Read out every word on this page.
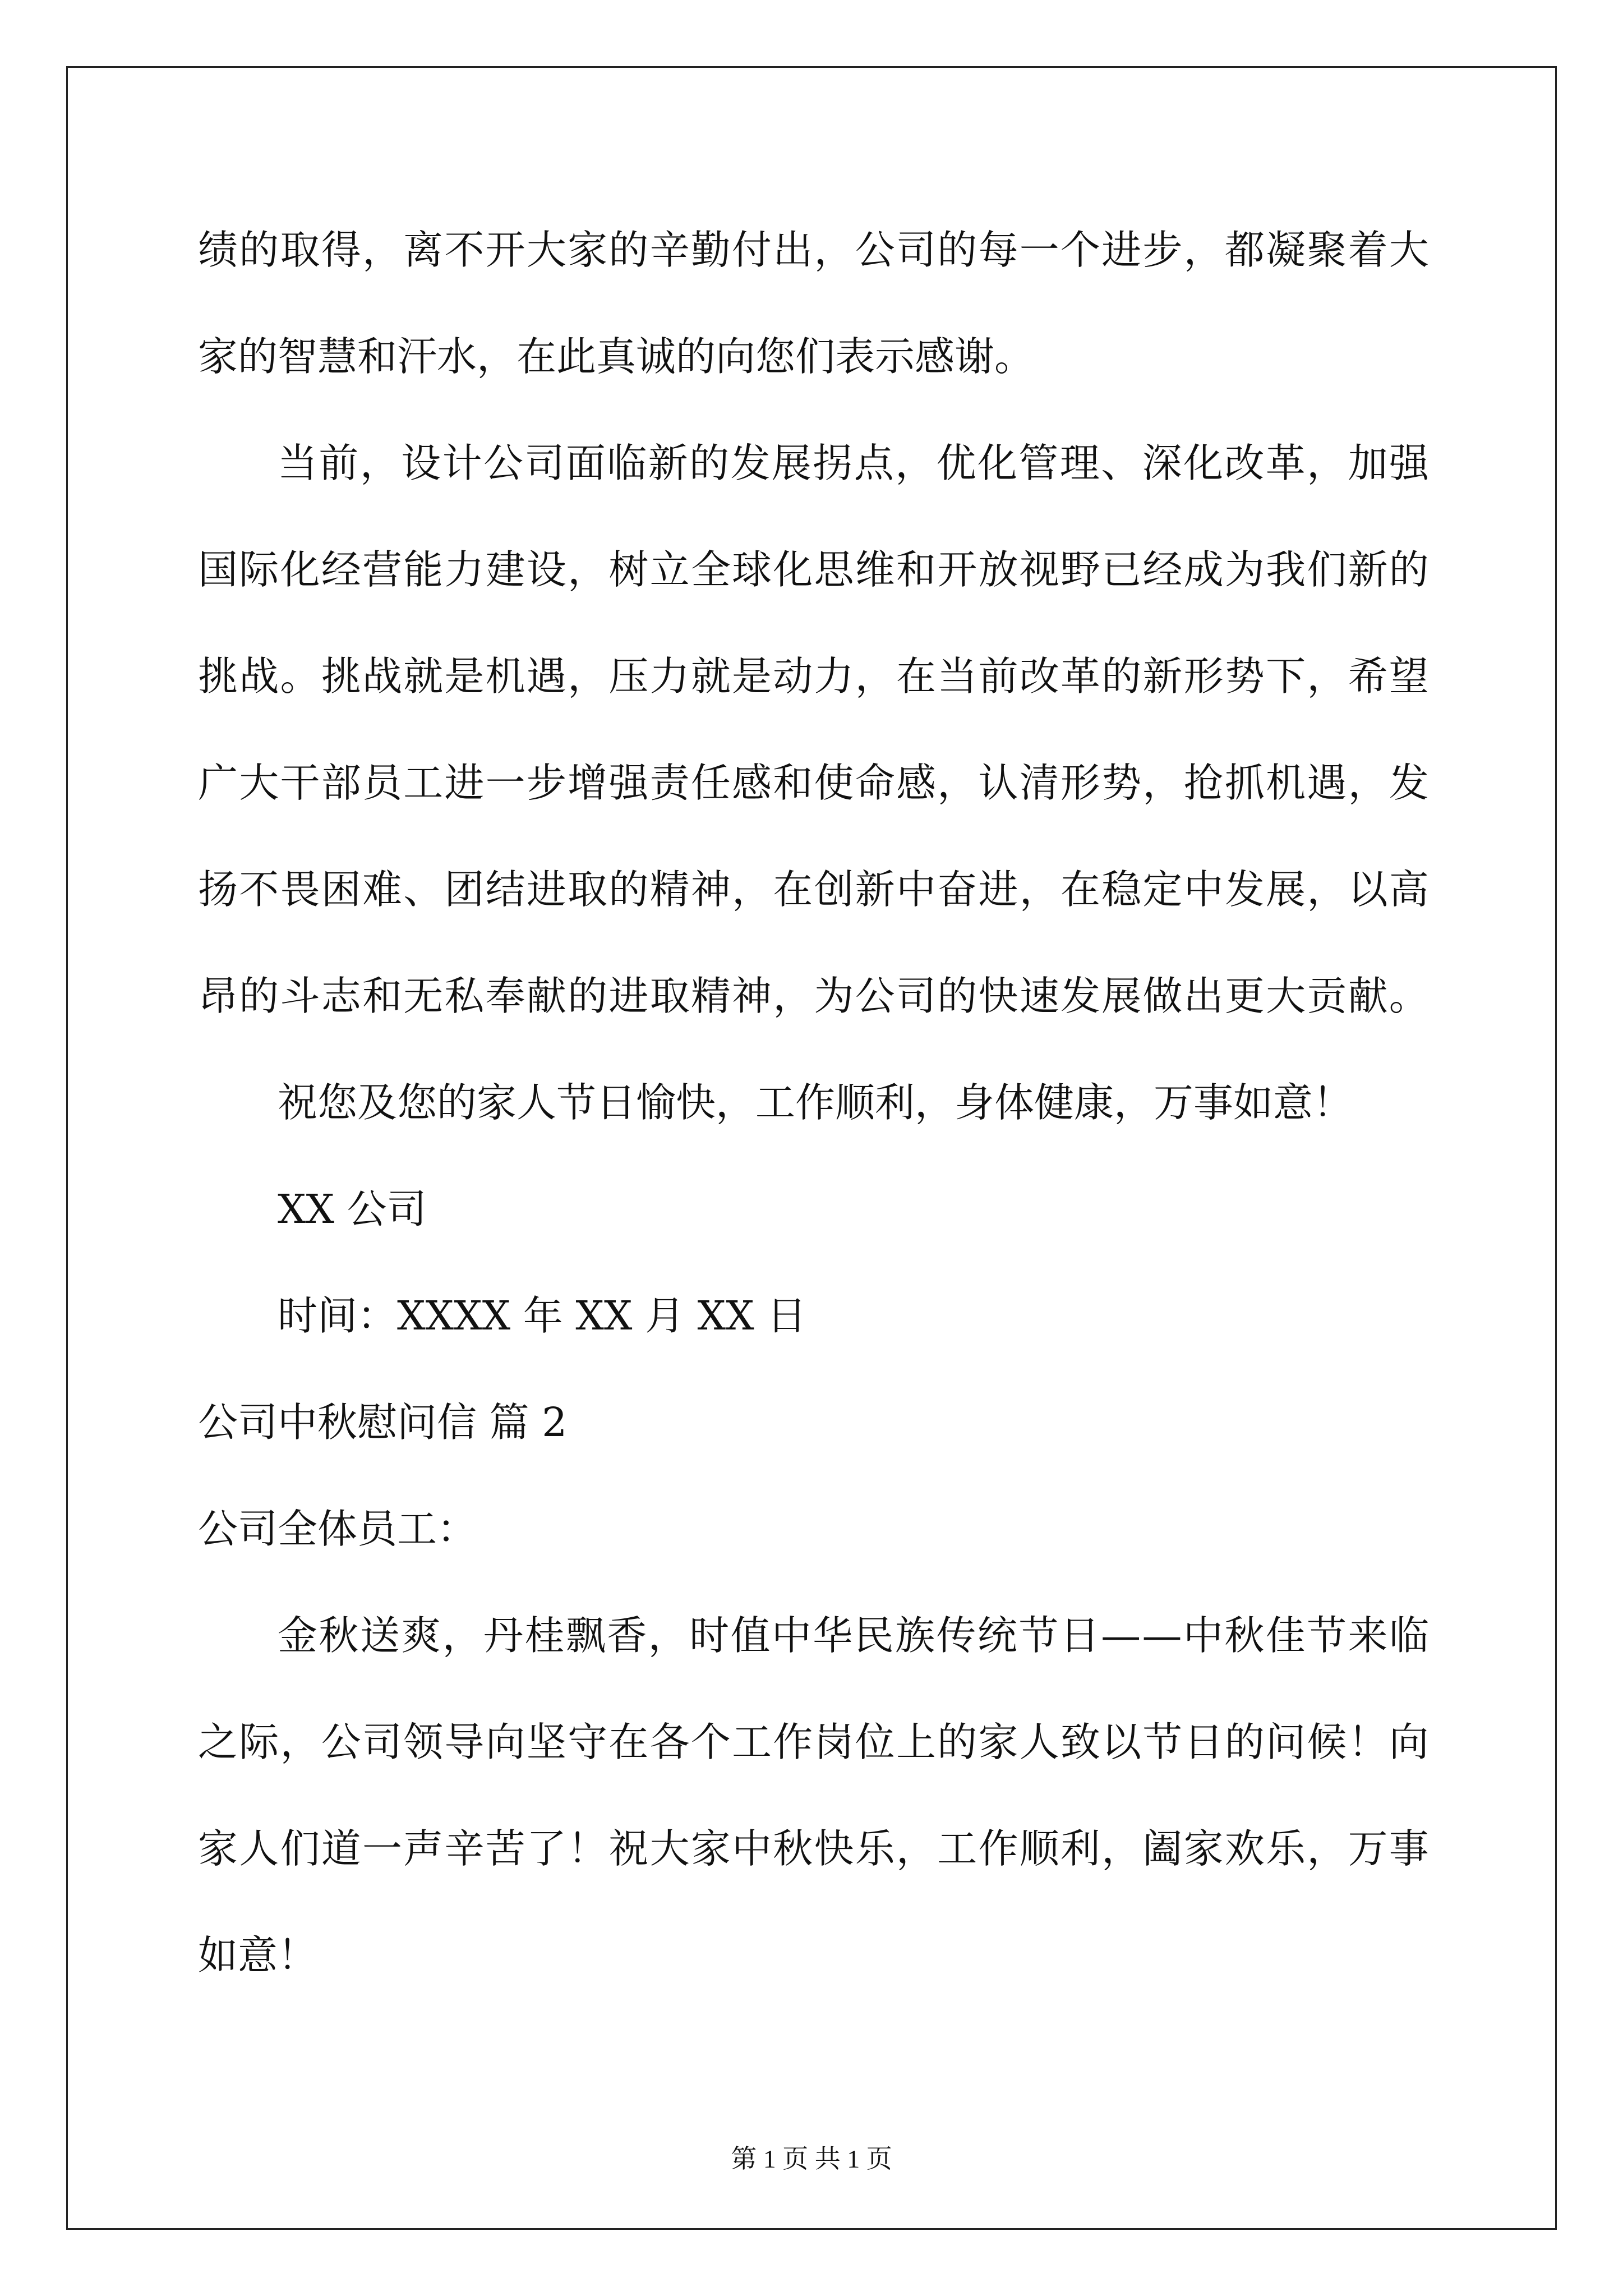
绩 的 取 得 ， 离 不 开 大 家 的 辛 勤 付 出 ， 公 司 的 每 一 个 进 步 ， 都 凝 聚 着 大
家的智慧和汗水，在此真诚的向您们表示感谢。
当 前 ， 设 计 公 司 面 临 新 的 发 展 拐 点 ， 优 化 管 理 、 深 化 改 革 ， 加 强
国 际 化 经 营 能 力 建 设 ， 树 立 全 球 化 思 维 和 开 放 视 野 已 经 成 为 我 们 新 的
挑 战 。 挑 战 就 是 机 遇 ， 压 力 就 是 动 力 ， 在 当 前 改 革 的 新 形 势 下 ， 希 望
广 大 干 部 员 工 进 一 步 增 强 责 任 感 和 使 命 感 ， 认 清 形 势 ， 抢 抓 机 遇 ， 发
扬 不 畏 困 难 、 团 结 进 取 的 精 神 ， 在 创 新 中 奋 进 ， 在 稳 定 中 发 展 ， 以 高
昂 的 斗 志 和 无 私 奉 献 的 进 取 精 神 ， 为 公 司 的 快 速 发 展 做 出 更 大 贡 献 。
祝您及您的家人节日愉快，工作顺利，身体健康，万事如意！
XX 公司
时间：XXXX 年 XX 月 XX 日
公司中秋慰问信 篇 2
公司全体员工：
金 秋 送 爽 ， 丹 桂 飘 香 ， 时 值 中 华 民 族 传 统 节 日 — — 中 秋 佳 节 来 临
之 际 ， 公 司 领 导 向 坚 守 在 各 个 工 作 岗 位 上 的 家 人 致 以 节 日 的 问 候 ！ 向
家 人 们 道 一 声 辛 苦 了 ！ 祝 大 家 中 秋 快 乐 ， 工 作 顺 利 ， 阖 家 欢 乐 ， 万 事
如意！
第 1 页 共 1 页
